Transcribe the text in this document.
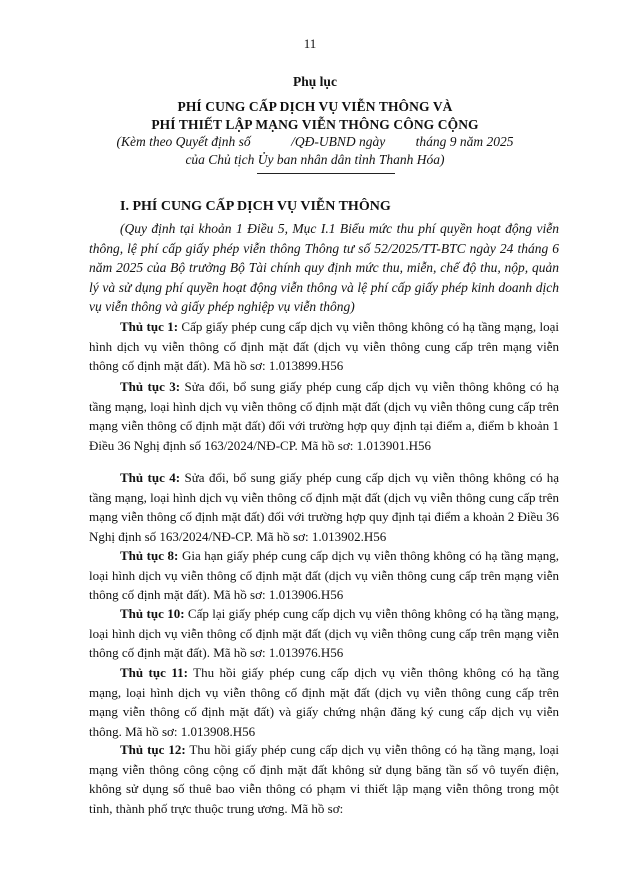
11
Phụ lục
PHÍ CUNG CẤP DỊCH VỤ VIỄN THÔNG VÀ
PHÍ THIẾT LẬP MẠNG VIỄN THÔNG CÔNG CỘNG
(Kèm theo Quyết định số            /QĐ-UBND ngày         tháng 9 năm 2025
của Chủ tịch Ủy ban nhân dân tỉnh Thanh Hóa)
I. PHÍ CUNG CẤP DỊCH VỤ VIỄN THÔNG
(Quy định tại khoản 1 Điều 5, Mục I.1 Biểu mức thu phí quyền hoạt động viễn thông, lệ phí cấp giấy phép viễn thông Thông tư số 52/2025/TT-BTC ngày 24 tháng 6 năm 2025 của Bộ trưởng Bộ Tài chính quy định mức thu, miễn, chế độ thu, nộp, quản lý và sử dụng phí quyền hoạt động viễn thông và lệ phí cấp giấy phép kinh doanh dịch vụ viễn thông và giấy phép nghiệp vụ viễn thông)
Thủ tục 1: Cấp giấy phép cung cấp dịch vụ viễn thông không có hạ tầng mạng, loại hình dịch vụ viễn thông cố định mặt đất (dịch vụ viễn thông cung cấp trên mạng viễn thông cố định mặt đất). Mã hồ sơ: 1.013899.H56
Thủ tục 3: Sửa đổi, bổ sung giấy phép cung cấp dịch vụ viễn thông không có hạ tầng mạng, loại hình dịch vụ viễn thông cố định mặt đất (dịch vụ viễn thông cung cấp trên mạng viễn thông cố định mặt đất) đối với trường hợp quy định tại điểm a, điểm b khoản 1 Điều 36 Nghị định số 163/2024/NĐ-CP. Mã hồ sơ: 1.013901.H56
Thủ tục 4: Sửa đổi, bổ sung giấy phép cung cấp dịch vụ viễn thông không có hạ tầng mạng, loại hình dịch vụ viễn thông cố định mặt đất (dịch vụ viễn thông cung cấp trên mạng viễn thông cố định mặt đất) đối với trường hợp quy định tại điểm a khoản 2 Điều 36 Nghị định số 163/2024/NĐ-CP. Mã hồ sơ: 1.013902.H56
Thủ tục 8: Gia hạn giấy phép cung cấp dịch vụ viễn thông không có hạ tầng mạng, loại hình dịch vụ viễn thông cố định mặt đất (dịch vụ viễn thông cung cấp trên mạng viễn thông cố định mặt đất). Mã hồ sơ: 1.013906.H56
Thủ tục 10: Cấp lại giấy phép cung cấp dịch vụ viễn thông không có hạ tầng mạng, loại hình dịch vụ viễn thông cố định mặt đất (dịch vụ viễn thông cung cấp trên mạng viễn thông cố định mặt đất). Mã hồ sơ: 1.013976.H56
Thủ tục 11: Thu hồi giấy phép cung cấp dịch vụ viễn thông không có hạ tầng mạng, loại hình dịch vụ viễn thông cố định mặt đất (dịch vụ viễn thông cung cấp trên mạng viễn thông cố định mặt đất) và giấy chứng nhận đăng ký cung cấp dịch vụ viễn thông. Mã hồ sơ: 1.013908.H56
Thủ tục 12: Thu hồi giấy phép cung cấp dịch vụ viễn thông có hạ tầng mạng, loại mạng viễn thông công cộng cố định mặt đất không sử dụng băng tần số vô tuyến điện, không sử dụng số thuê bao viễn thông có phạm vi thiết lập mạng viễn thông trong một tỉnh, thành phố trực thuộc trung ương. Mã hồ sơ:
